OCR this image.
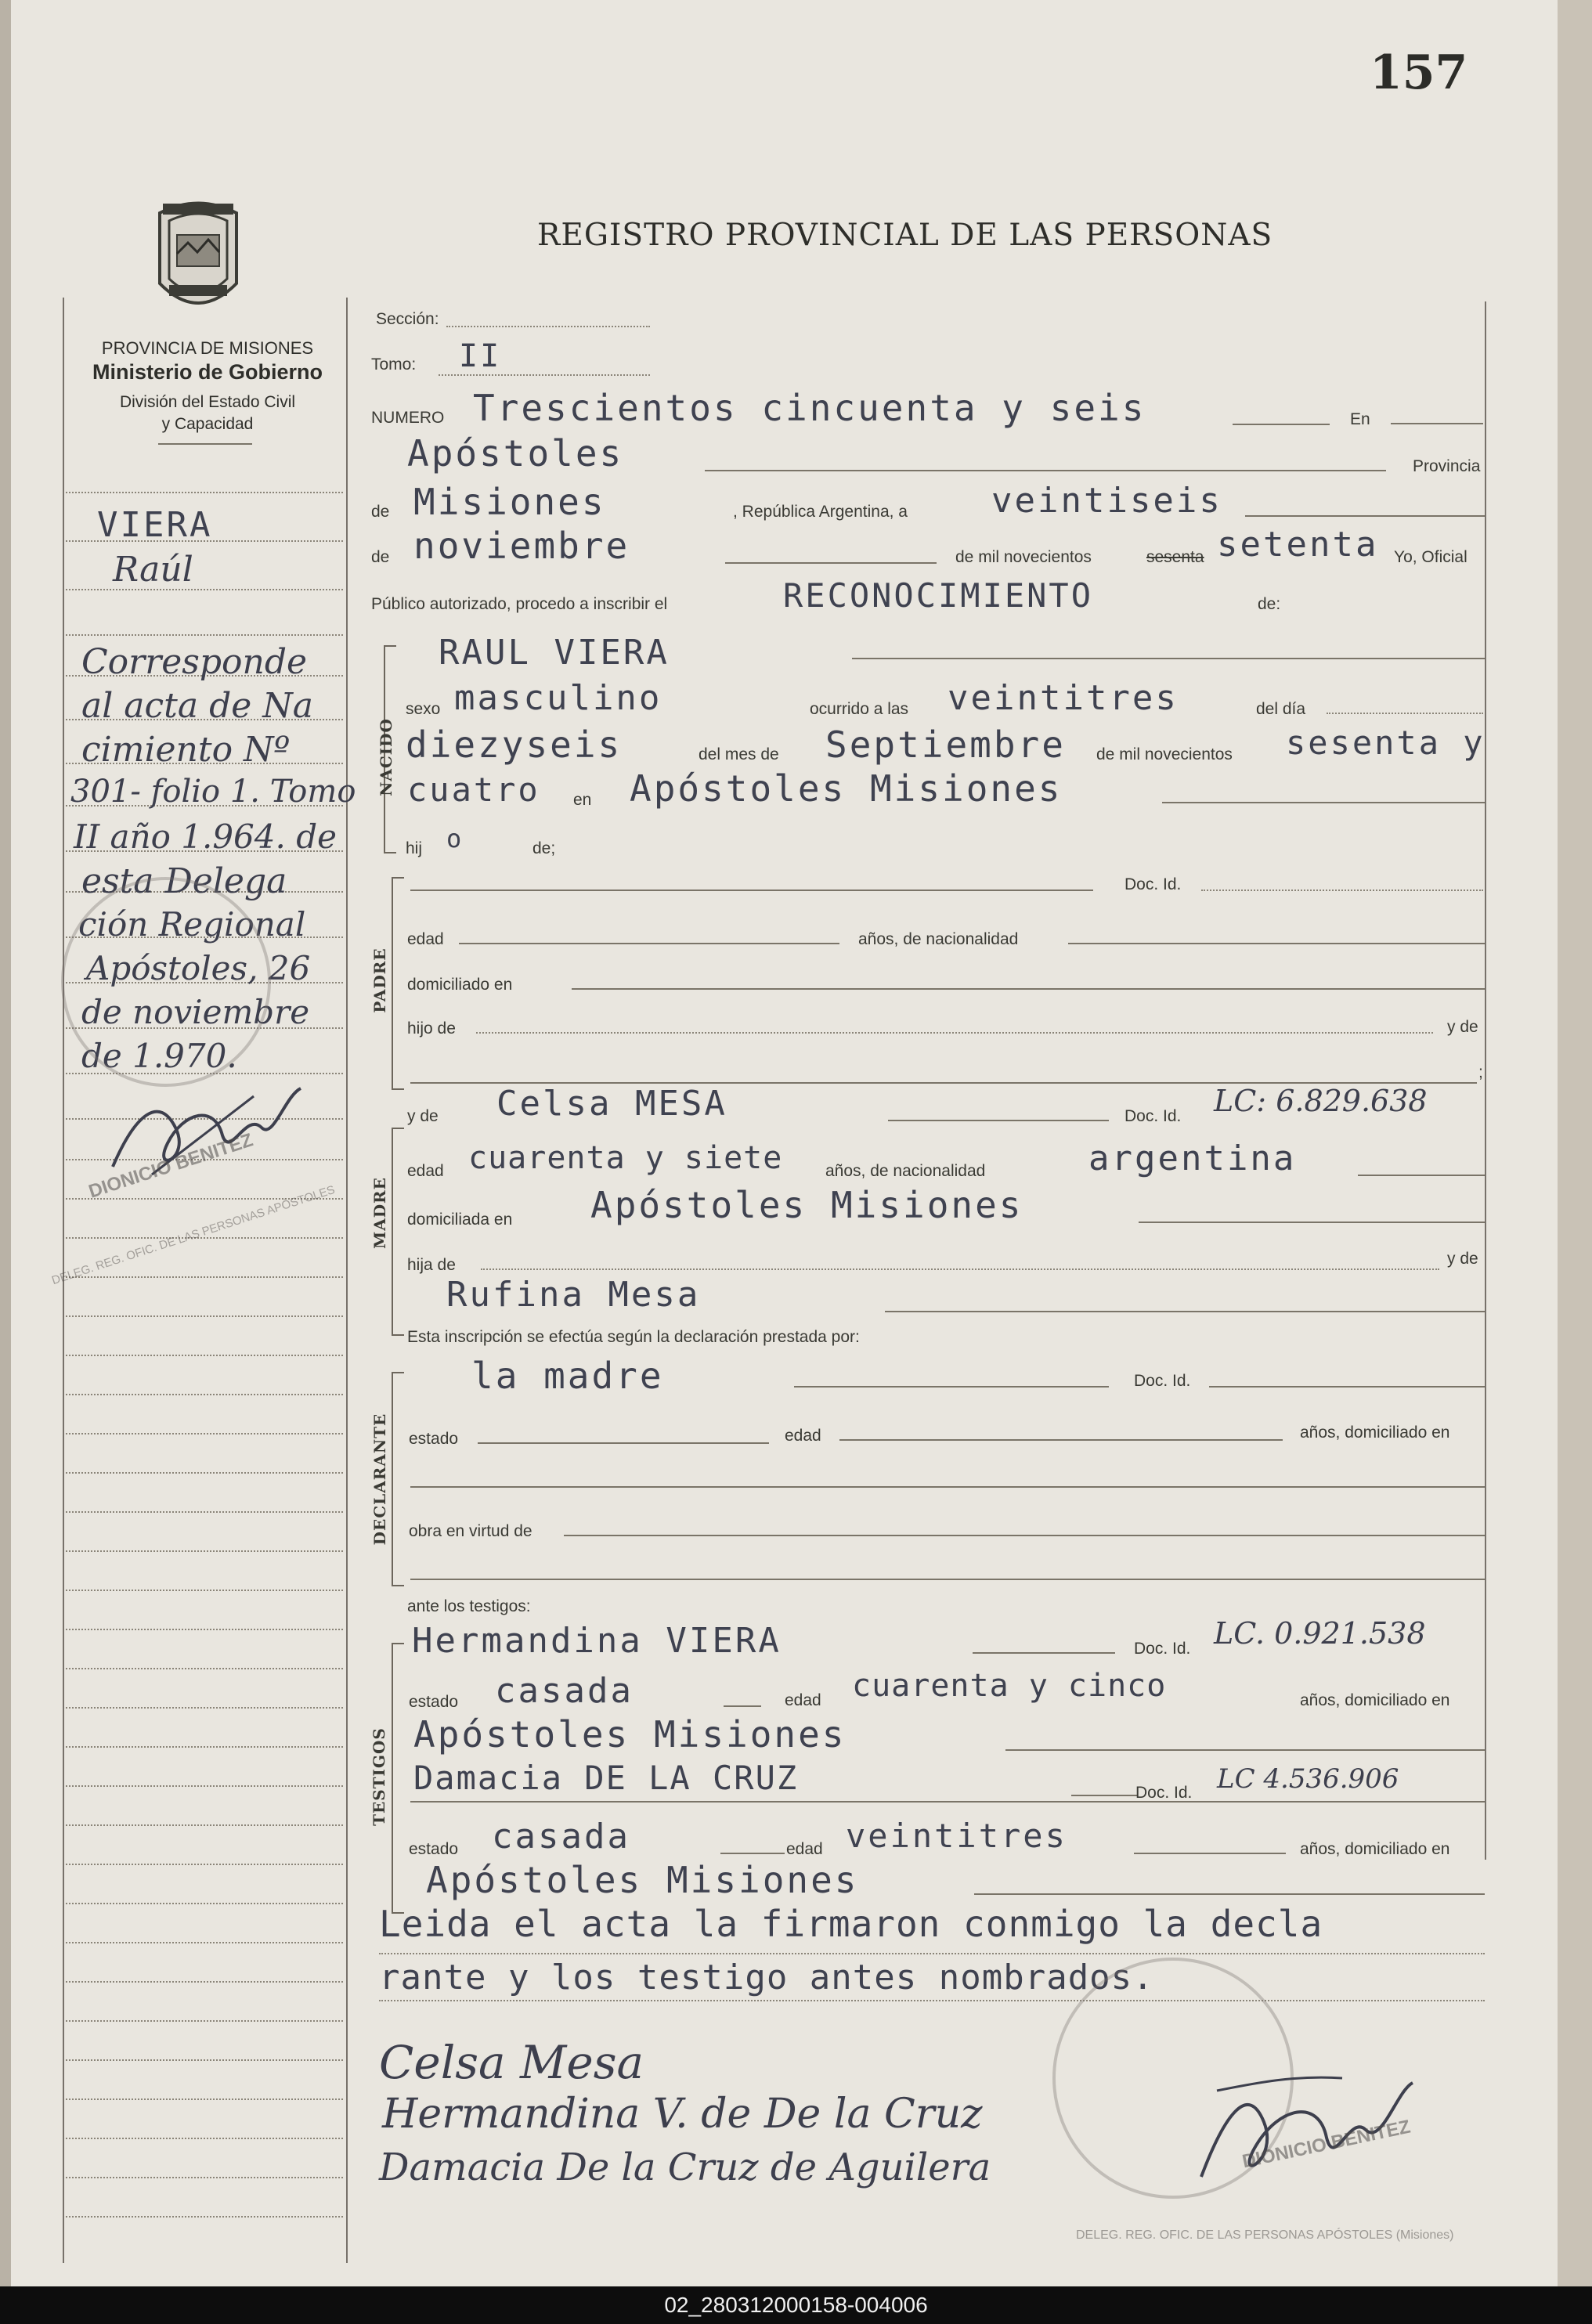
157
REGISTRO PROVINCIAL DE LAS PERSONAS
PROVINCIA DE MISIONES
Ministerio de Gobierno
División del Estado Civil
y Capacidad
VIERA
Raúl
Corresponde
al acta de Na
cimiento Nº
301- folio 1. Tomo
II año 1.964. de
esta Delega
ción Regional
Apóstoles, 26
de noviembre
de 1.970.
DIONICIO BENITEZ
DELEG. REG. OFIC. DE LAS PERSONAS APÓSTOLES
Sección:
Tomo: II
NUMERO Trescientos cincuenta y seis	En
Apóstoles	Provincia
de Misiones	, República Argentina, a veintiseis
de noviembre	de mil novecientos	sesenta setenta Yo, Oficial
Público autorizado, procedo a inscribir el	RECONOCIMIENTO	de:
NACIDO
RAUL VIERA
sexo masculino	ocurrido a las veintitres	del día
diezyseis	del mes de Septiembre de mil novecientos sesenta y
cuatro en Apóstoles Misiones
hij o	de;
PADRE
Doc. Id.
edad	años, de nacionalidad
domiciliado en
hijo de	y de
;
MADRE
y de Celsa MESA	Doc. Id. LC: 6.829.638
edad cuarenta y siete	años, de nacionalidad	argentina
domiciliada en Apóstoles Misiones
hija de	y de
Rufina Mesa
Esta inscripción se efectúa según la declaración prestada por:
DECLARANTE
la madre	Doc. Id.
estado	edad	años, domiciliado en
obra en virtud de
ante los testigos:
TESTIGOS
Hermandina VIERA	Doc. Id. LC. 0.921.538
estado casada	edad cuarenta y cinco	años, domiciliado en
Apóstoles Misiones
Damacia DE LA CRUZ	Doc. Id. LC 4.536.906
estado casada	edad veintitres	años, domiciliado en
Apóstoles Misiones
Leida el acta la firmaron conmigo la decla
rante y los testigo antes nombrados.
Celsa Mesa
Hermandina V. de De la Cruz
Damacia De la Cruz de Aguilera	DIONICIO BENITEZ
DELEG. REG. OFIC. DE LAS PERSONAS APÓSTOLES (Misiones)
02_280312000158-004006
